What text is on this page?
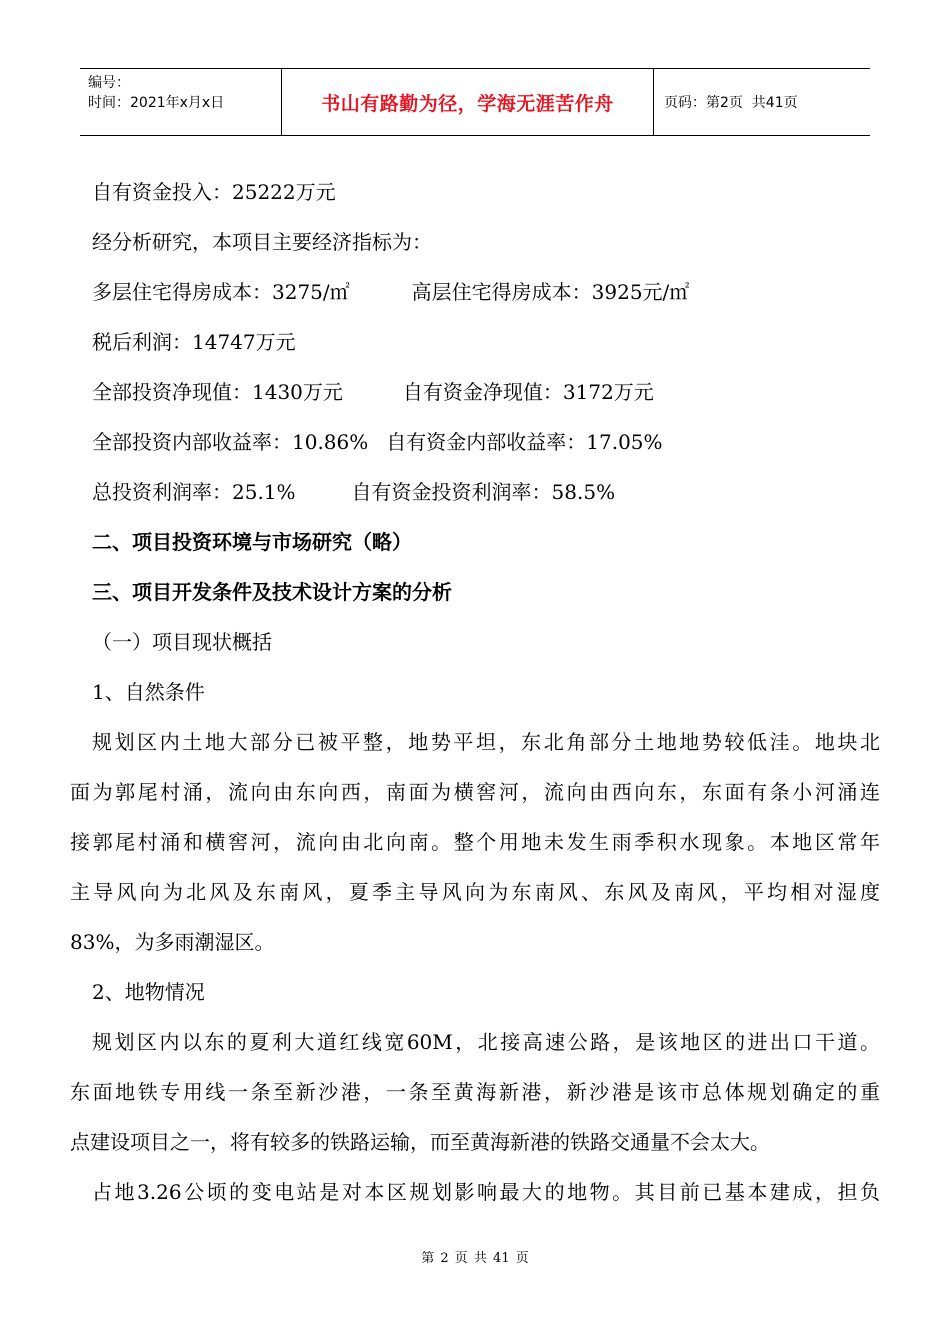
编号：
时间：2021年x月x日	书山有路勤为径，学海无涯苦作舟	页码：第2页  共41页
自有资金投入：25222万元
经分析研究，本项目主要经济指标为：
多层住宅得房成本：3275/㎡	高层住宅得房成本：3925元/㎡
税后利润：14747万元
全部投资净现值：1430万元	自有资金净现值：3172万元
全部投资内部收益率：10.86% 自有资金内部收益率：17.05%
总投资利润率：25.1%	自有资金投资利润率：58.5%
二、项目投资环境与市场研究（略）
三、项目开发条件及技术设计方案的分析
（一）项目现状概括
1、自然条件
规划区内土地大部分已被平整，地势平坦，东北角部分土地地势较低洼。地块北
面为郭尾村涌，流向由东向西，南面为横窖河，流向由西向东，东面有条小河涌连
接郭尾村涌和横窖河，流向由北向南。整个用地未发生雨季积水现象。本地区常年
主导风向为北风及东南风，夏季主导风向为东南风、东风及南风，平均相对湿度
83%，为多雨潮湿区。
2、地物情况
规划区内以东的夏利大道红线宽60M，北接高速公路，是该地区的进出口干道。
东面地铁专用线一条至新沙港，一条至黄海新港，新沙港是该市总体规划确定的重
点建设项目之一，将有较多的铁路运输，而至黄海新港的铁路交通量不会太大。
占地3.26公顷的变电站是对本区规划影响最大的地物。其目前已基本建成，担负
第 2 页 共 41 页
